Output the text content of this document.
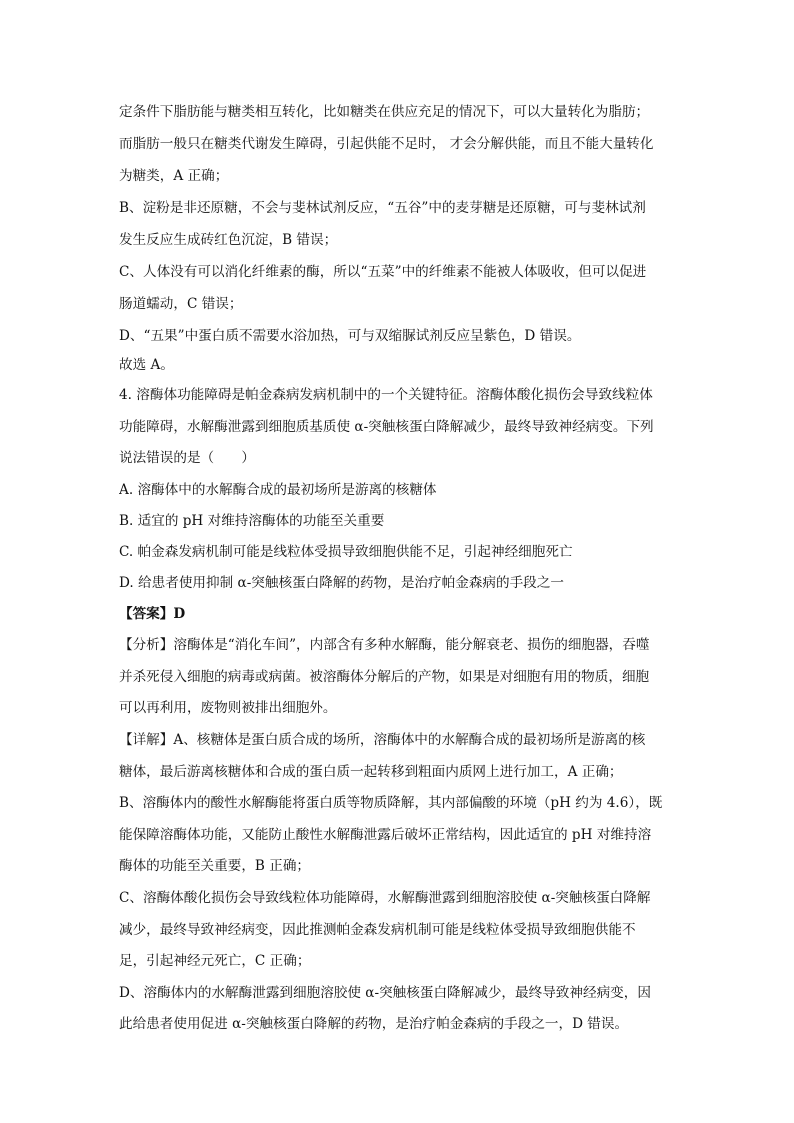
定条件下脂肪能与糖类相互转化，比如糖类在供应充足的情况下，可以大量转化为脂肪；
而脂肪一般只在糖类代谢发生障碍，引起供能不足时， 才会分解供能，而且不能大量转化
为糖类，A 正确；
B、淀粉是非还原糖，不会与斐林试剂反应，“五谷”中的麦芽糖是还原糖，可与斐林试剂
发生反应生成砖红色沉淀，B 错误；
C、人体没有可以消化纤维素的酶，所以“五菜”中的纤维素不能被人体吸收，但可以促进
肠道蠕动，C 错误；
D、“五果”中蛋白质不需要水浴加热，可与双缩脲试剂反应呈紫色，D 错误。
故选 A。
4. 溶酶体功能障碍是帕金森病发病机制中的一个关键特征。溶酶体酸化损伤会导致线粒体
功能障碍，水解酶泄露到细胞质基质使 α-突触核蛋白降解减少，最终导致神经病变。下列
说法错误的是（　　）
A. 溶酶体中的水解酶合成的最初场所是游离的核糖体
B. 适宜的 pH 对维持溶酶体的功能至关重要
C. 帕金森发病机制可能是线粒体受损导致细胞供能不足，引起神经细胞死亡
D. 给患者使用抑制 α-突触核蛋白降解的药物，是治疗帕金森病的手段之一
【答案】D
【分析】溶酶体是“消化车间”，内部含有多种水解酶，能分解衰老、损伤的细胞器，吞噬
并杀死侵入细胞的病毒或病菌。被溶酶体分解后的产物，如果是对细胞有用的物质，细胞
可以再利用，废物则被排出细胞外。
【详解】A、核糖体是蛋白质合成的场所，溶酶体中的水解酶合成的最初场所是游离的核
糖体，最后游离核糖体和合成的蛋白质一起转移到粗面内质网上进行加工，A 正确；
B、溶酶体内的酸性水解酶能将蛋白质等物质降解，其内部偏酸的环境（pH 约为 4.6），既
能保障溶酶体功能，又能防止酸性水解酶泄露后破坏正常结构，因此适宜的 pH 对维持溶
酶体的功能至关重要，B 正确；
C、溶酶体酸化损伤会导致线粒体功能障碍，水解酶泄露到细胞溶胶使 α-突触核蛋白降解
减少，最终导致神经病变，因此推测帕金森发病机制可能是线粒体受损导致细胞供能不
足，引起神经元死亡，C 正确；
D、溶酶体内的水解酶泄露到细胞溶胶使 α-突触核蛋白降解减少，最终导致神经病变，因
此给患者使用促进 α-突触核蛋白降解的药物，是治疗帕金森病的手段之一，D 错误。
